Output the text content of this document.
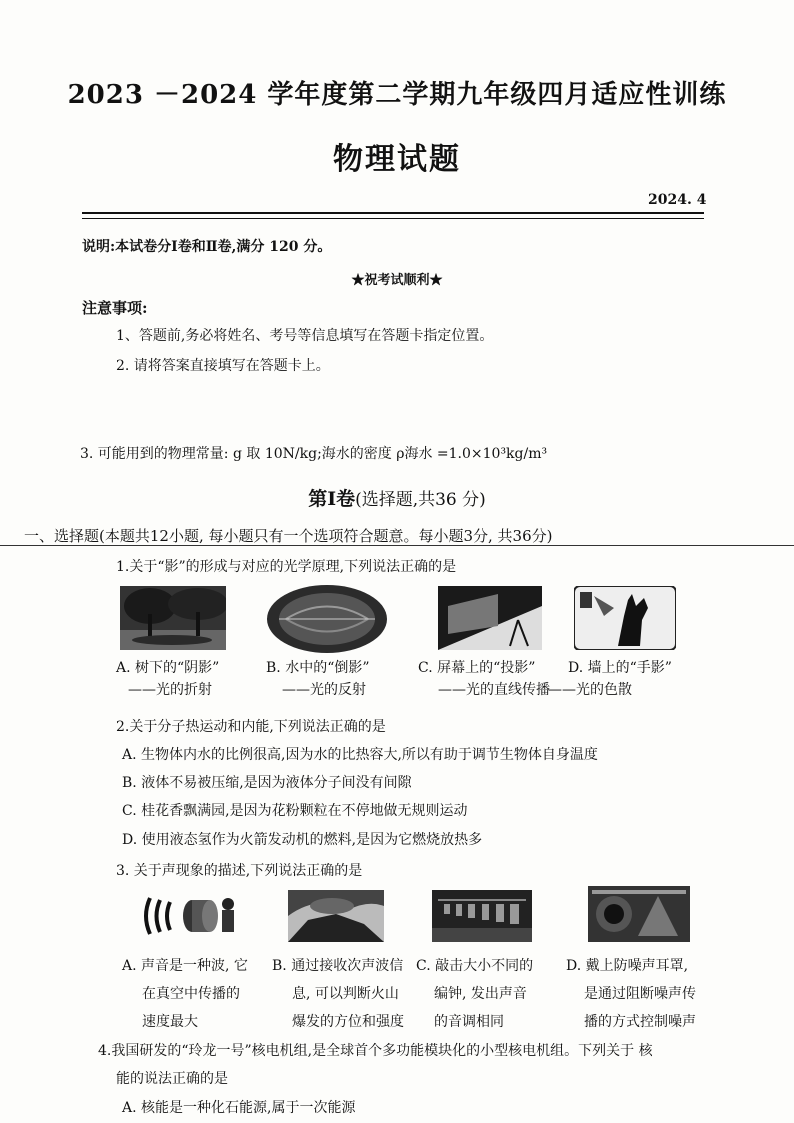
2023 －2024 学年度第二学期九年级四月适应性训练
物理试题
2024. 4
说明:本试卷分Ⅰ卷和Ⅱ卷,满分 120 分。
★祝考试顺利★
注意事项:
1、答题前,务必将姓名、考号等信息填写在答题卡指定位置。
2. 请将答案直接填写在答题卡上。
3. 可能用到的物理常量: g 取 10N/kg;海水的密度 ρ海水 =1.0×10³kg/m³
第Ⅰ卷(选择题,共36 分)
一、选择题(本题共12小题, 每小题只有一个选项符合题意。每小题3分, 共36分)
1.关于“影”的形成与对应的光学原理,下列说法正确的是
A. 树下的“阴影”
——光的折射
B. 水中的“倒影”
——光的反射
C. 屏幕上的“投影”
——光的直线传播
D. 墙上的“手影”
——光的色散
2.关于分子热运动和内能,下列说法正确的是
A. 生物体内水的比例很高,因为水的比热容大,所以有助于调节生物体自身温度
B. 液体不易被压缩,是因为液体分子间没有间隙
C. 桂花香飘满园,是因为花粉颗粒在不停地做无规则运动
D. 使用液态氢作为火箭发动机的燃料,是因为它燃烧放热多
3. 关于声现象的描述,下列说法正确的是
A. 声音是一种波, 它
在真空中传播的
速度最大
B. 通过接收次声波信
息, 可以判断火山
爆发的方位和强度
C. 敲击大小不同的
编钟, 发出声音
的音调相同
D. 戴上防噪声耳罩,
是通过阻断噪声传
播的方式控制噪声
4.我国研发的“玲龙一号”核电机组,是全球首个多功能模块化的小型核电机组。下列关于 核
能的说法正确的是
A. 核能是一种化石能源,属于一次能源
